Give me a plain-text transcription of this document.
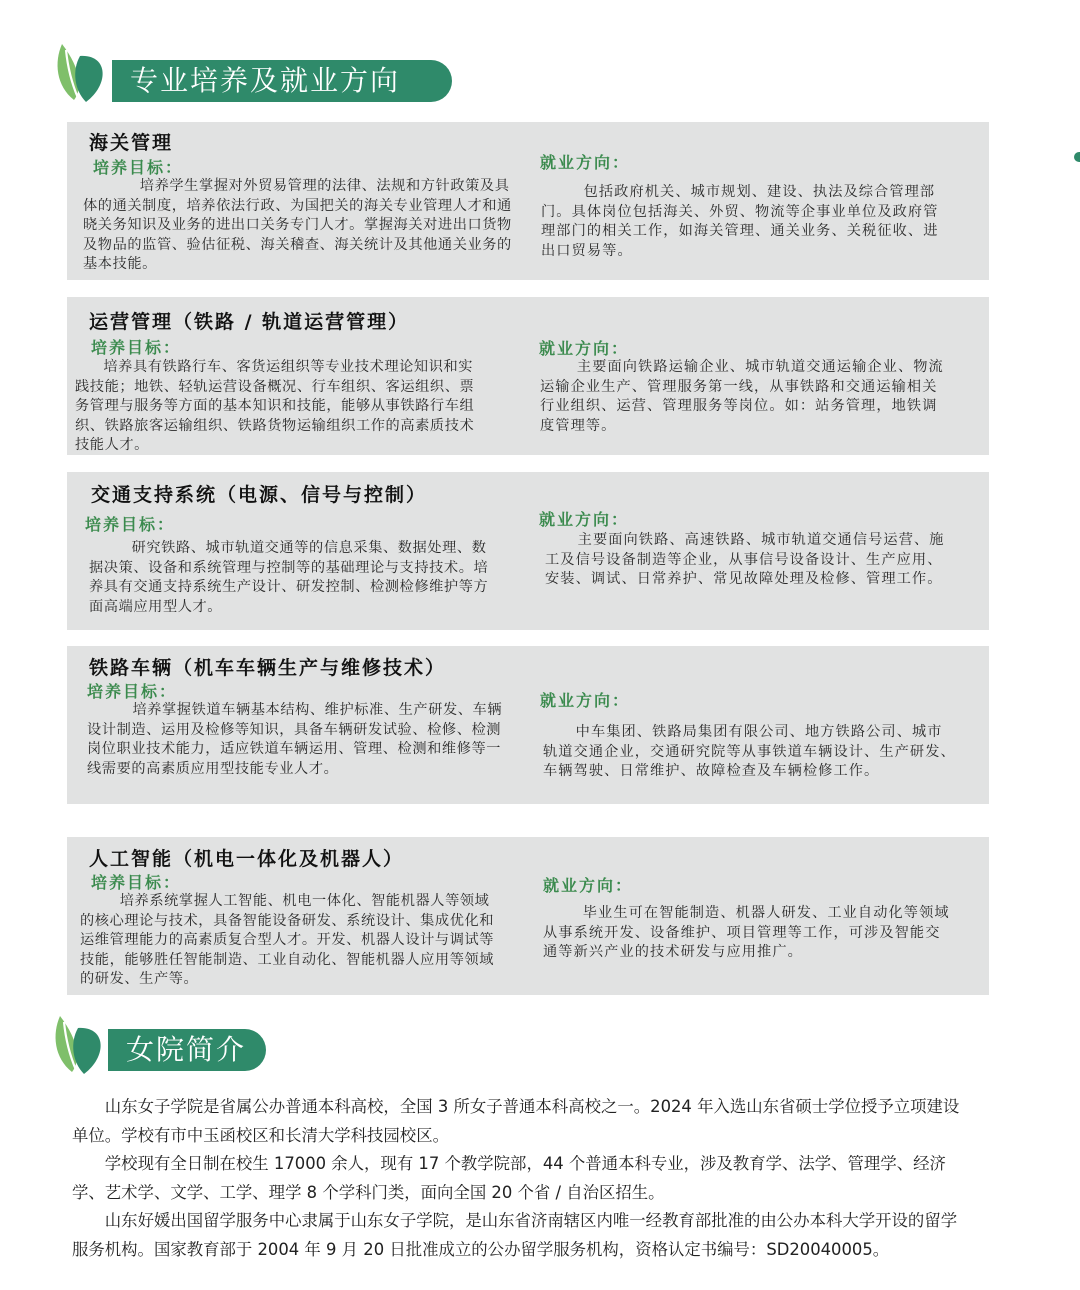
专业培养及就业方向
海关管理
培养目标：

培养学生掌握对外贸易管理的法律、法规和方针政策及具体的通关制度，培养依法行政、为国把关的海关专业管理人才和通晓关务知识及业务的进出口关务专门人才。掌握海关对进出口货物及物品的监管、验估征税、海关稽查、海关统计及其他通关业务的基本技能。

就业方向：

包括政府机关、城市规划、建设、执法及综合管理部门。具体岗位包括海关、外贸、物流等企事业单位及政府管理部门的相关工作，如海关管理、通关业务、关税征收、进出口贸易等。

运营管理（铁路 / 轨道运营管理）
培养目标：

培养具有铁路行车、客货运组织等专业技术理论知识和实践技能；地铁、轻轨运营设备概况、行车组织、客运组织、票务管理与服务等方面的基本知识和技能，能够从事铁路行车组织、铁路旅客运输组织、铁路货物运输组织工作的高素质技术技能人才。

就业方向：

主要面向铁路运输企业、城市轨道交通运输企业、物流运输企业生产、管理服务第一线，从事铁路和交通运输相关行业组织、运营、管理服务等岗位。如：站务管理，地铁调度管理等。

交通支持系统（电源、信号与控制）
培养目标：

研究铁路、城市轨道交通等的信息采集、数据处理、数据决策、设备和系统管理与控制等的基础理论与支持技术。培养具有交通支持系统生产设计、研发控制、检测检修维护等方面高端应用型人才。

就业方向：

主要面向铁路、高速铁路、城市轨道交通信号运营、施工及信号设备制造等企业，从事信号设备设计、生产应用、安装、调试、日常养护、常见故障处理及检修、管理工作。

铁路车辆（机车车辆生产与维修技术）
培养目标：

培养掌握铁道车辆基本结构、维护标准、生产研发、车辆设计制造、运用及检修等知识，具备车辆研发试验、检修、检测岗位职业技术能力，适应铁道车辆运用、管理、检测和维修等一线需要的高素质应用型技能专业人才。

就业方向：

中车集团、铁路局集团有限公司、地方铁路公司、城市轨道交通企业，交通研究院等从事铁道车辆设计、生产研发、车辆驾驶、日常维护、故障检查及车辆检修工作。

人工智能（机电一体化及机器人）
培养目标：

培养系统掌握人工智能、机电一体化、智能机器人等领域的核心理论与技术，具备智能设备研发、系统设计、集成优化和运维管理能力的高素质复合型人才。开发、机器人设计与调试等技能，能够胜任智能制造、工业自动化、智能机器人应用等领域的研发、生产等。

就业方向：

毕业生可在智能制造、机器人研发、工业自动化等领域从事系统开发、设备维护、项目管理等工作，可涉及智能交通等新兴产业的技术研发与应用推广。

女院简介

山东女子学院是省属公办普通本科高校，全国 3 所女子普通本科高校之一。2024 年入选山东省硕士学位授予立项建设单位。学校有市中玉函校区和长清大学科技园校区。

学校现有全日制在校生 17000 余人，现有 17 个教学院部，44 个普通本科专业，涉及教育学、法学、管理学、经济学、艺术学、文学、工学、理学 8 个学科门类，面向全国 20 个省 / 自治区招生。

山东好媛出国留学服务中心隶属于山东女子学院，是山东省济南辖区内唯一经教育部批准的由公办本科大学开设的留学服务机构。国家教育部于 2004 年 9 月 20 日批准成立的公办留学服务机构，资格认定书编号：SD20040005。
